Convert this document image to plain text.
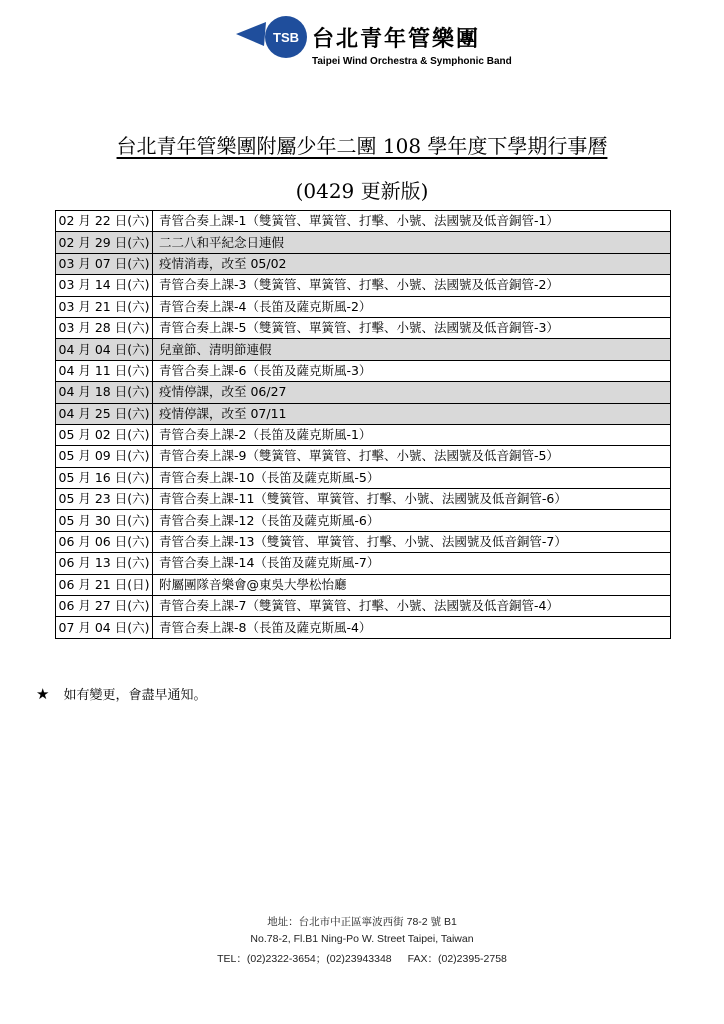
TSB 台北青年管樂團
Taipei Wind Orchestra & Symphonic Band
台北青年管樂團附屬少年二團 108 學年度下學期行事曆
(0429 更新版)
02 月 22 日(六)	青管合奏上課-1（雙簧管、單簧管、打擊、小號、法國號及低音銅管-1）
02 月 29 日(六)	二二八和平紀念日連假
03 月 07 日(六)	疫情消毒，改至 05/02
03 月 14 日(六)	青管合奏上課-3（雙簧管、單簧管、打擊、小號、法國號及低音銅管-2）
03 月 21 日(六)	青管合奏上課-4（長笛及薩克斯風-2）
03 月 28 日(六)	青管合奏上課-5（雙簧管、單簧管、打擊、小號、法國號及低音銅管-3）
04 月 04 日(六)	兒童節、清明節連假
04 月 11 日(六)	青管合奏上課-6（長笛及薩克斯風-3）
04 月 18 日(六)	疫情停課，改至 06/27
04 月 25 日(六)	疫情停課，改至 07/11
05 月 02 日(六)	青管合奏上課-2（長笛及薩克斯風-1）
05 月 09 日(六)	青管合奏上課-9（雙簧管、單簧管、打擊、小號、法國號及低音銅管-5）
05 月 16 日(六)	青管合奏上課-10（長笛及薩克斯風-5）
05 月 23 日(六)	青管合奏上課-11（雙簧管、單簧管、打擊、小號、法國號及低音銅管-6）
05 月 30 日(六)	青管合奏上課-12（長笛及薩克斯風-6）
06 月 06 日(六)	青管合奏上課-13（雙簧管、單簧管、打擊、小號、法國號及低音銅管-7）
06 月 13 日(六)	青管合奏上課-14（長笛及薩克斯風-7）
06 月 21 日(日)	附屬團隊音樂會@東吳大學松怡廳
06 月 27 日(六)	青管合奏上課-7（雙簧管、單簧管、打擊、小號、法國號及低音銅管-4）
07 月 04 日(六)	青管合奏上課-8（長笛及薩克斯風-4）
★ 如有變更，會盡早通知。
地址：台北市中正區寧波西街 78-2 號 B1
No.78-2, Fl.B1 Ning-Po W. Street Taipei, Taiwan
TEL：(02)2322-3654；(02)23943348 FAX：(02)2395-2758
